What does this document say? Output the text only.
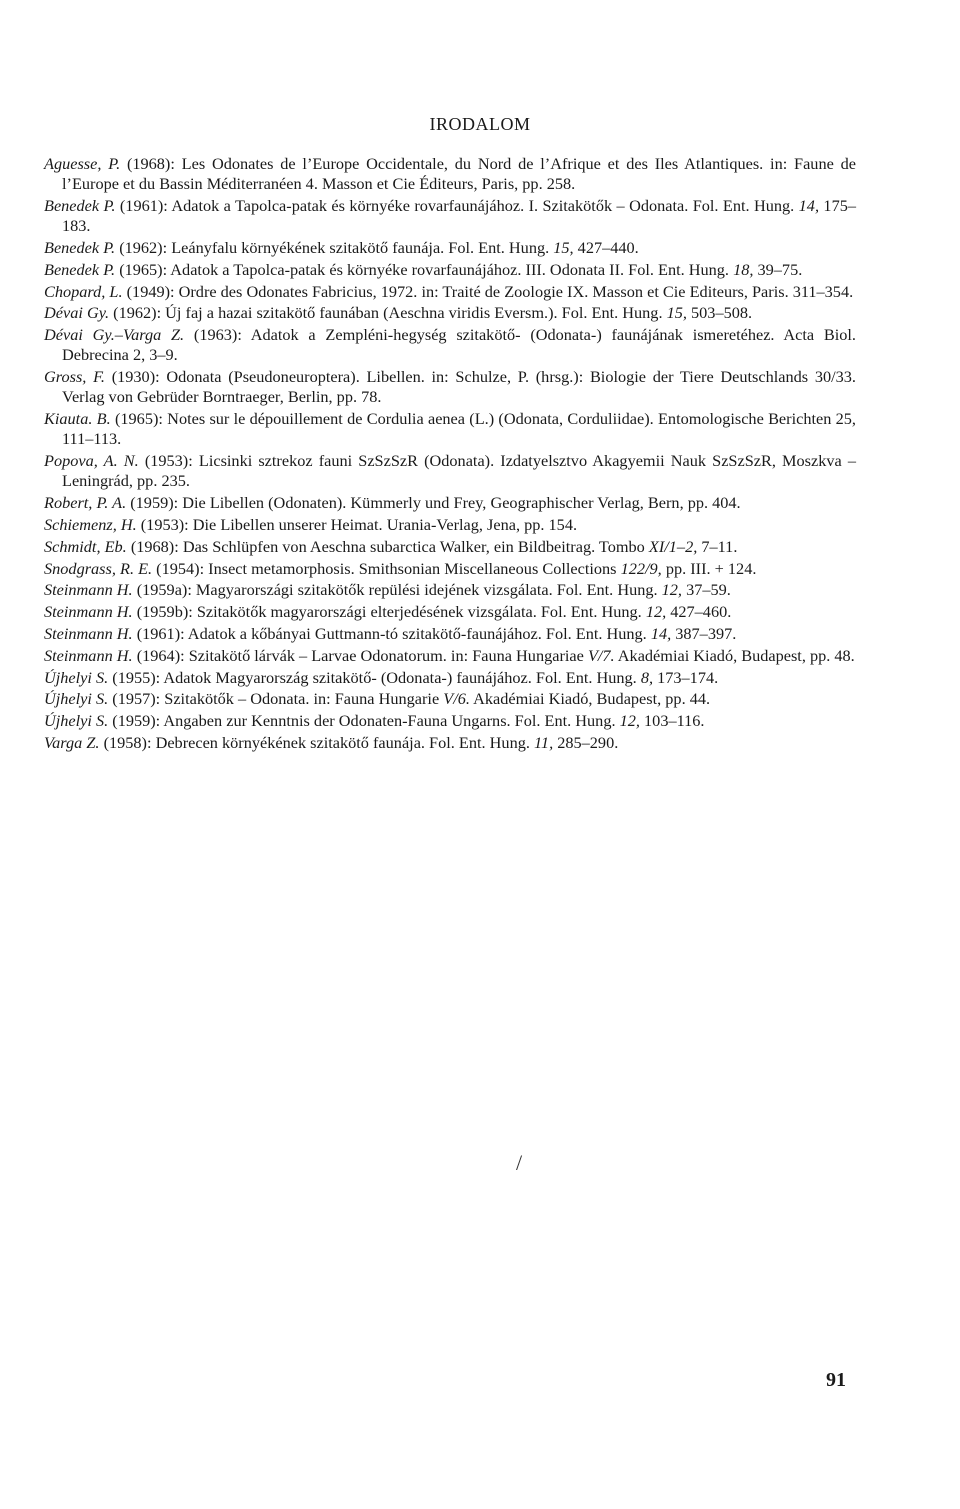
IRODALOM

Aguesse, P. (1968): Les Odonates de l’Europe Occidentale, du Nord de l’Afrique et des Iles Atlantiques. in: Faune de l’Europe et du Bassin Méditerranéen 4. Masson et Cie Éditeurs, Paris, pp. 258.

Benedek P. (1961): Adatok a Tapolca-patak és környéke rovarfaunájához. I. Szitakötők – Odonata. Fol. Ent. Hung. 14, 175–183.

Benedek P. (1962): Leányfalu környékének szitakötő faunája. Fol. Ent. Hung. 15, 427–440.

Benedek P. (1965): Adatok a Tapolca-patak és környéke rovarfaunájához. III. Odonata II. Fol. Ent. Hung. 18, 39–75.

Chopard, L. (1949): Ordre des Odonates Fabricius, 1972. in: Traité de Zoologie IX. Masson et Cie Editeurs, Paris. 311–354.

Dévai Gy. (1962): Új faj a hazai szitakötő faunában (Aeschna viridis Eversm.). Fol. Ent. Hung. 15, 503–508.

Dévai Gy.–Varga Z. (1963): Adatok a Zempléni-hegység szitakötő- (Odonata-) faunájának ismeretéhez. Acta Biol. Debrecina 2, 3–9.

Gross, F. (1930): Odonata (Pseudoneuroptera). Libellen. in: Schulze, P. (hrsg.): Biologie der Tiere Deutschlands 30/33. Verlag von Gebrüder Borntraeger, Berlin, pp. 78.

Kiauta. B. (1965): Notes sur le dépouillement de Cordulia aenea (L.) (Odonata, Corduliidae). Entomologische Berichten 25, 111–113.

Popova, A. N. (1953): Licsinki sztrekoz fauni SzSzSzR (Odonata). Izdatyelsztvo Akagyemii Nauk SzSzSzR, Moszkva – Leningrád, pp. 235.

Robert, P. A. (1959): Die Libellen (Odonaten). Kümmerly und Frey, Geographischer Verlag, Bern, pp. 404.

Schiemenz, H. (1953): Die Libellen unserer Heimat. Urania-Verlag, Jena, pp. 154.

Schmidt, Eb. (1968): Das Schlüpfen von Aeschna subarctica Walker, ein Bildbeitrag. Tombo XI/1–2, 7–11.

Snodgrass, R. E. (1954): Insect metamorphosis. Smithsonian Miscellaneous Collections 122/9, pp. III. + 124.

Steinmann H. (1959a): Magyarországi szitakötők repülési idejének vizsgálata. Fol. Ent. Hung. 12, 37–59.

Steinmann H. (1959b): Szitakötők magyarországi elterjedésének vizsgálata. Fol. Ent. Hung. 12, 427–460.

Steinmann H. (1961): Adatok a kőbányai Guttmann-tó szitakötő-faunájához. Fol. Ent. Hung. 14, 387–397.

Steinmann H. (1964): Szitakötő lárvák – Larvae Odonatorum. in: Fauna Hungariae V/7. Akadémiai Kiadó, Budapest, pp. 48.

Újhelyi S. (1955): Adatok Magyarország szitakötő- (Odonata-) faunájához. Fol. Ent. Hung. 8, 173–174.

Újhelyi S. (1957): Szitakötők – Odonata. in: Fauna Hungarie V/6. Akadémiai Kiadó, Budapest, pp. 44.

Újhelyi S. (1959): Angaben zur Kenntnis der Odonaten-Fauna Ungarns. Fol. Ent. Hung. 12, 103–116.

Varga Z. (1958): Debrecen környékének szitakötő faunája. Fol. Ent. Hung. 11, 285–290.

/
91
